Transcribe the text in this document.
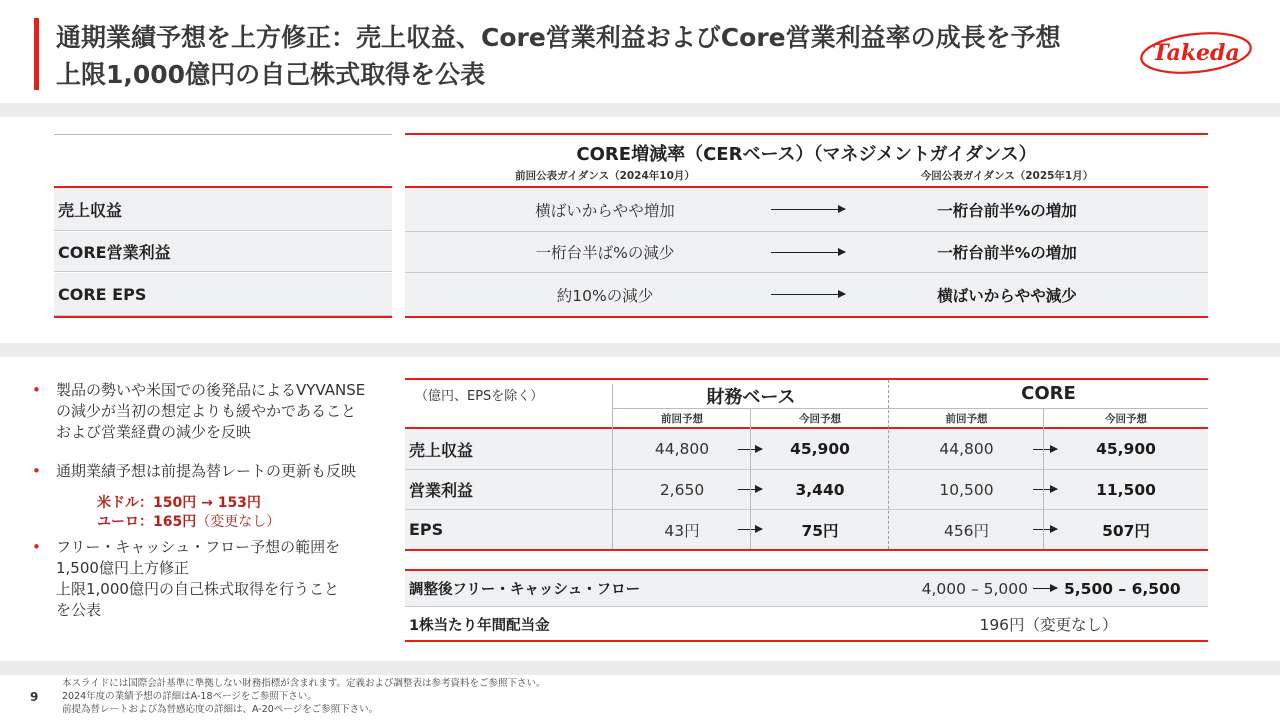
通期業績予想を上方修正：売上収益、Core営業利益およびCore営業利益率の成長を予想
上限1,000億円の自己株式取得を公表
Takeda
CORE増減率（CERベース）（マネジメントガイダンス）
前回公表ガイダンス（2024年10月）	今回公表ガイダンス（2025年1月）
売上収益	横ばいからやや増加	一桁台前半%の増加
CORE営業利益	一桁台半ば%の減少	一桁台前半%の増加
CORE EPS	約10%の減少	横ばいからやや減少
• 製品の勢いや米国での後発品によるVYVANSE
の減少が当初の想定よりも緩やかであること
および営業経費の減少を反映
• 通期業績予想は前提為替レートの更新も反映
• フリー・キャッシュ・フロー予想の範囲を
1,500億円上方修正
上限1,000億円の自己株式取得を行うこと
を公表
米ドル：150円 → 153円
ユーロ：165円（変更なし）
（億円、EPSを除く）	財務ベース	CORE
前回予想	今回予想	前回予想	今回予想
売上収益	44,800	45,900	44,800	45,900
営業利益	2,650	3,440	10,500	11,500
EPS	43円	75円	456円	507円
調整後フリー・キャッシュ・フロー	4,000 – 5,000	5,500 – 6,500
1株当たり年間配当金	196円（変更なし）
9
本スライドには国際会計基準に準拠しない財務指標が含まれます。定義および調整表は参考資料をご参照下さい。
2024年度の業績予想の詳細はA-18ページをご参照下さい。
前提為替レートおよび為替感応度の詳細は、A-20ページをご参照下さい。
